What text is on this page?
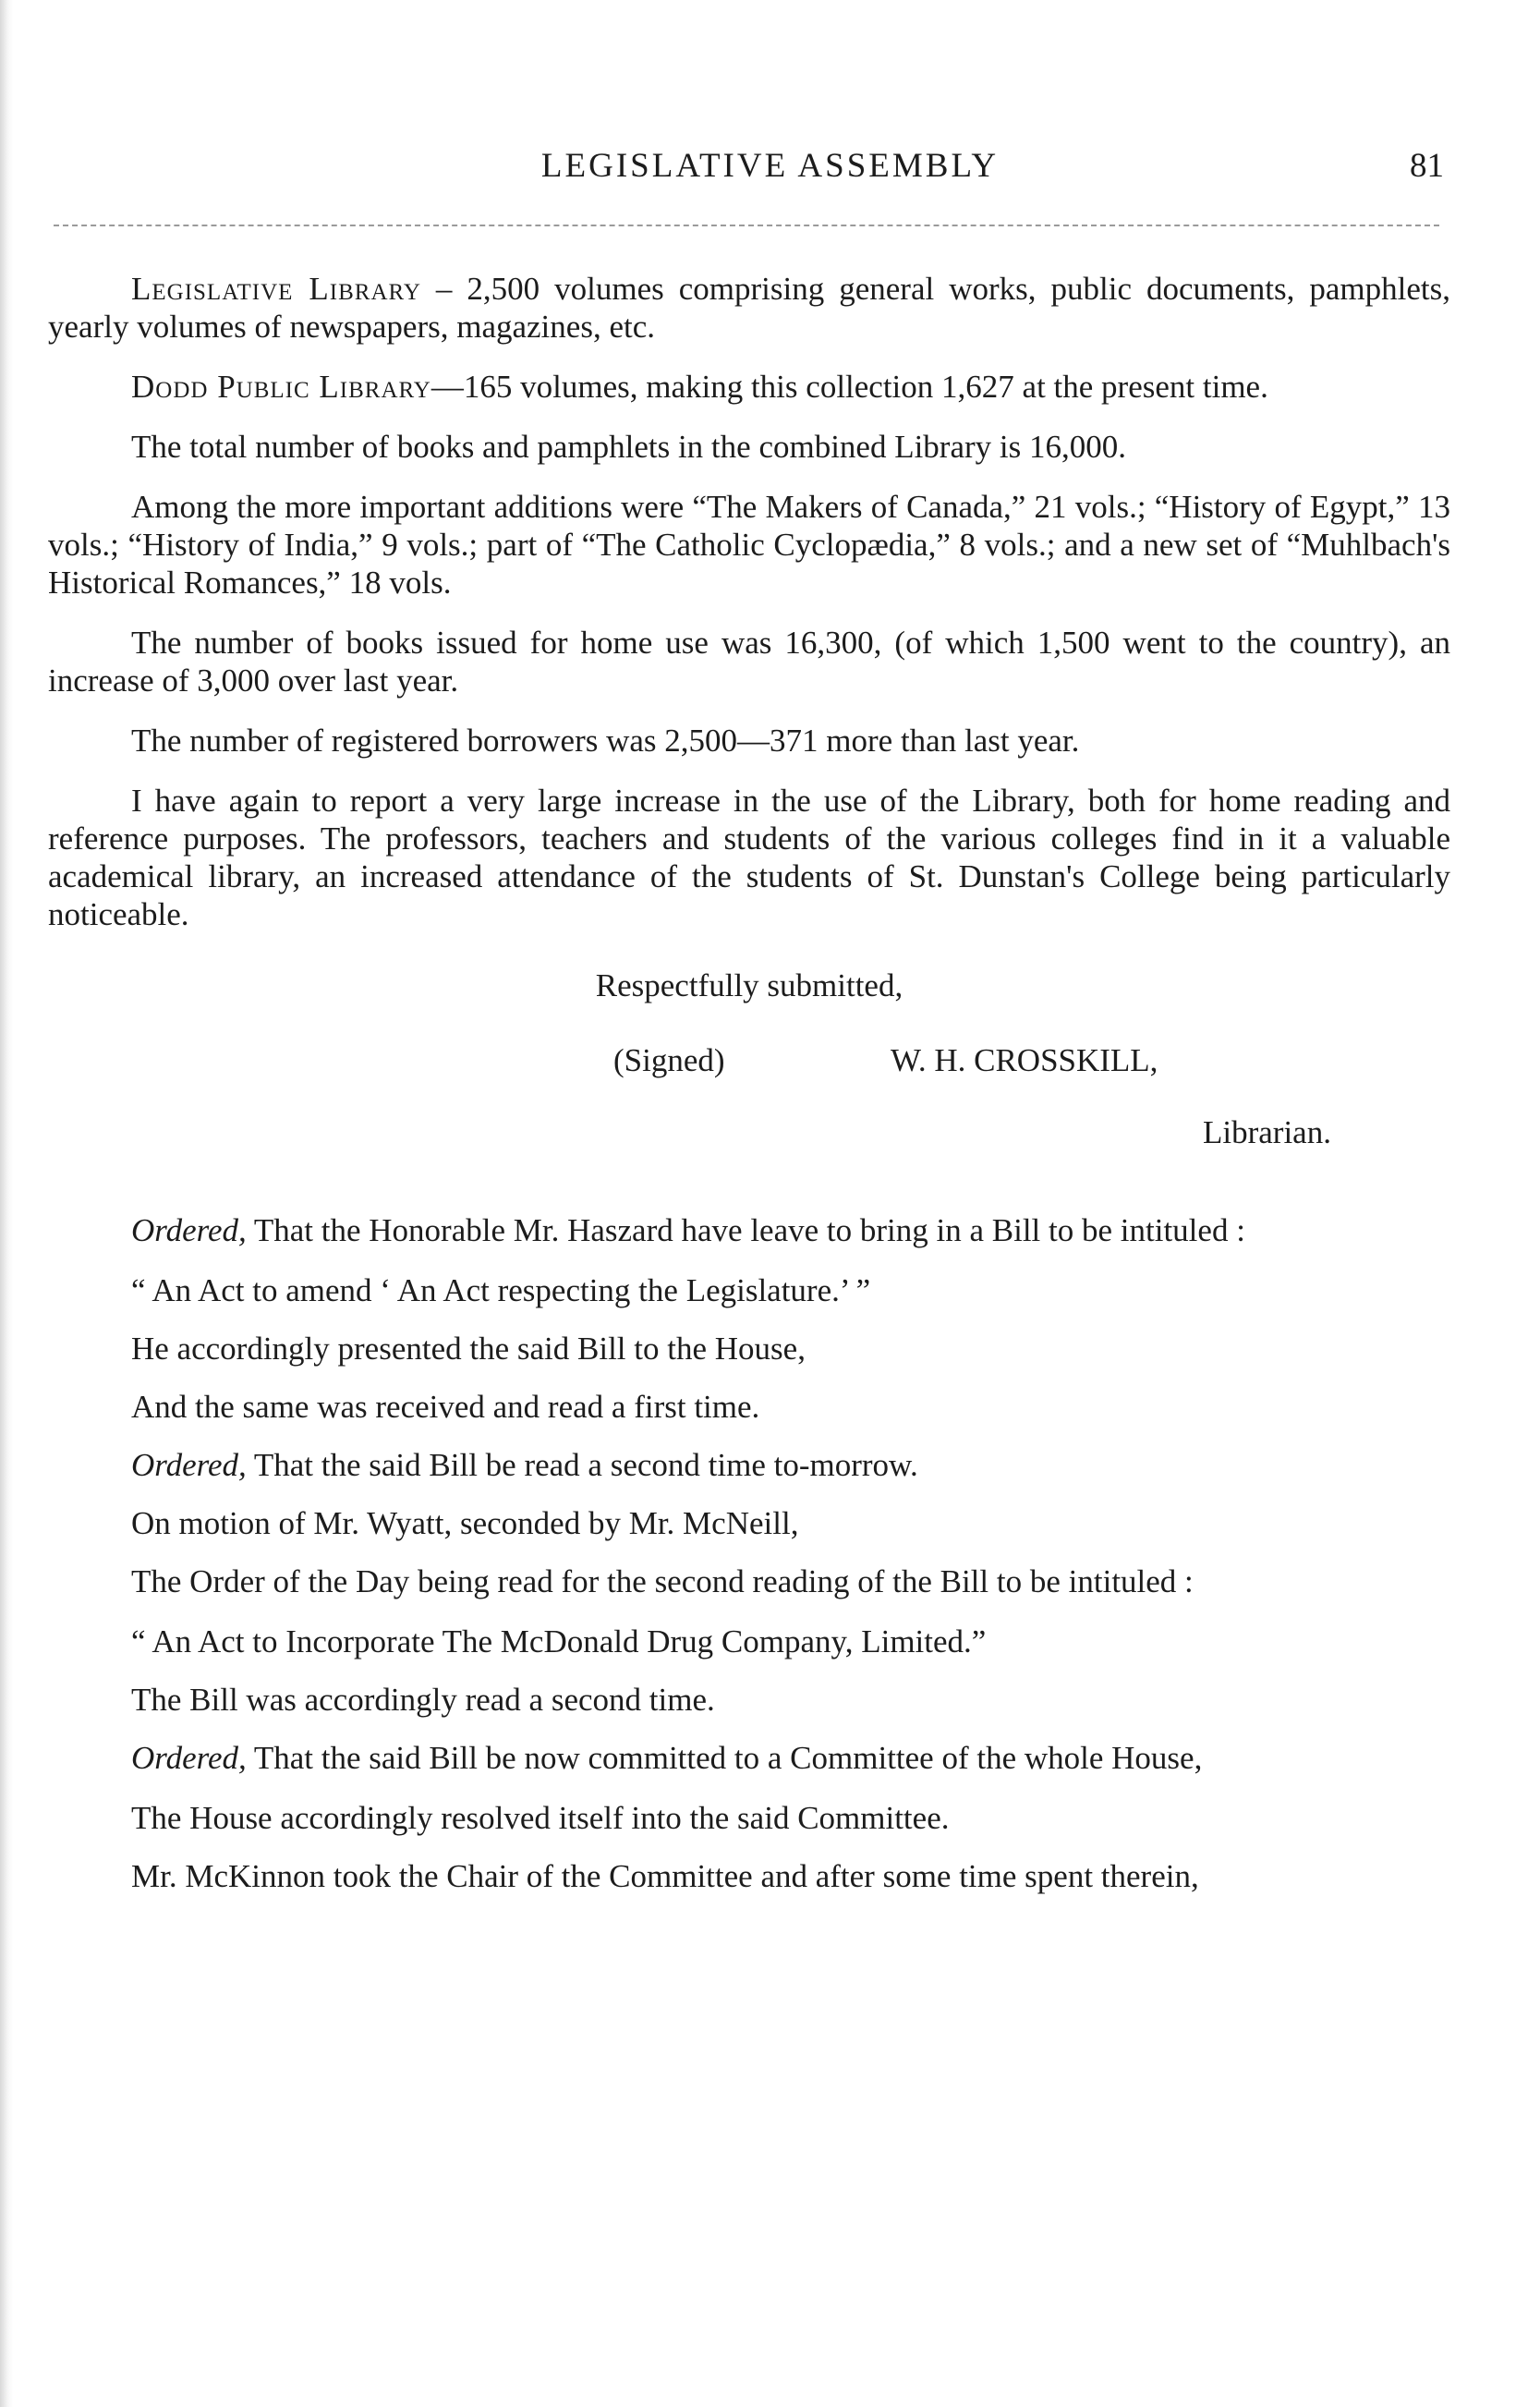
LEGISLATIVE ASSEMBLY	81

Legislative Library – 2,500 volumes comprising general works, public documents, pamphlets, yearly volumes of newspapers, magazines, etc.

Dodd Public Library—165 volumes, making this collection 1,627 at the present time.

The total number of books and pamphlets in the combined Library is 16,000.

Among the more important additions were “The Makers of Canada,” 21 vols.; “History of Egypt,” 13 vols.; “History of India,” 9 vols.; part of “The Catholic Cyclopædia,” 8 vols.; and a new set of “Muhlbach's Historical Romances,” 18 vols.

The number of books issued for home use was 16,300, (of which 1,500 went to the country), an increase of 3,000 over last year.

The number of registered borrowers was 2,500—371 more than last year.

I have again to report a very large increase in the use of the Library, both for home reading and reference purposes. The professors, teachers and students of the various colleges find in it a valuable academical library, an increased attendance of the students of St. Dunstan's College being particularly noticeable.

Respectfully submitted,

(Signed)	W. H. CROSSKILL,
Librarian.

Ordered, That the Honorable Mr. Haszard have leave to bring in a Bill to be intituled :

“ An Act to amend ‘ An Act respecting the Legislature.’ ”

He accordingly presented the said Bill to the House,

And the same was received and read a first time.

Ordered, That the said Bill be read a second time to-morrow.

On motion of Mr. Wyatt, seconded by Mr. McNeill,

The Order of the Day being read for the second reading of the Bill to be intituled :

“ An Act to Incorporate The McDonald Drug Company, Limited.”

The Bill was accordingly read a second time.

Ordered, That the said Bill be now committed to a Committee of the whole House,

The House accordingly resolved itself into the said Committee.

Mr. McKinnon took the Chair of the Committee and after some time spent therein,
